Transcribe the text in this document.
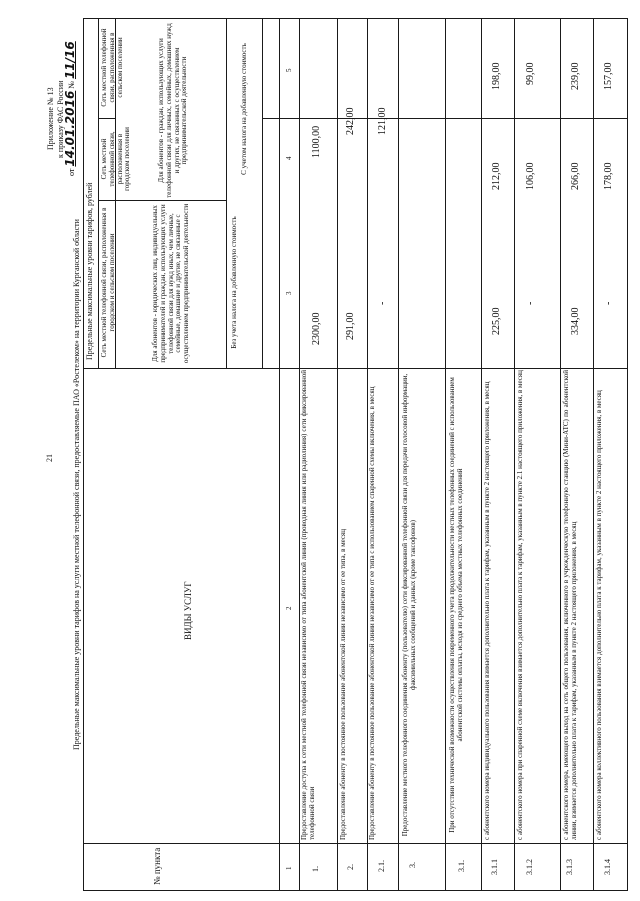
21
Приложение № 13 к приказу ФАС России
от 14.01.2016 № 11/16
Предельные максимальные уровни тарифов на услуги местной телефонной связи, предоставляемые ПАО «Ростелеком» на территории Курганской области
№ пункта
ВИДЫ УСЛУГ
Предельные максимальные уровни тарифов, рублей Сеть местной телефонной связи, расположенная в городском и сельском поселении
Сеть местной телефонной связи, расположенная в городском поселении
Сеть местной телефонной связи, расположенная в сельском поселении
Для абонентов - юридических лиц, индивидуальных предпринимателей и граждан, использующих услуги телефонной связи для нужд иных, чем личные, семейные, домашние и другие, не связанные с осуществлением предпринимательской деятельности
Для абонентов - граждан, использующих услуги телефонной связи для личных, семейных, домашних нужд и других, не связанных с осуществлением предпринимательской деятельности
Без учета налога на добавленную стоимость
С учетом налога на добавленную стоимость
1
2
3
4
5
1.
Предоставление доступа к сети местной телефонной связи независимо от типа абонентской линии (проводная линия или радиолиния) сети фиксированной телефонной связи
2300,00
1100,00
2.
Предоставление абоненту в постоянное пользование абонентской линии независимо от ее типа, в месяц
291,00
242,00
2.1.
Предоставление абоненту в постоянное пользование абонентской линии независимо от ее типа с использованием спаренной схемы включения, в месяц
-
121,00
3.
Предоставление местного телефонного соединения абоненту (пользователю) сети фиксированной телефонной связи для передачи голосовой информации, факсимильных сообщений и данных (кроме таксофонов)
3.1.
При отсутствии технической возможности осуществления повременного учета продолжительности местных телефонных соединений с использованием абонентской системы оплаты, исходя из среднего объема местных телефонных соединений
3.1.1
с абонентского номера индивидуального пользования взимается дополнительно плата к тарифам, указанным в пункте 2 настоящего приложения, в месяц
225,00
212,00
198,00
3.1.2
с абонентского номера при спаренной схеме включения взимается дополнительно плата к тарифам, указанным в пункте 2.1 настоящего приложения, в месяц
-
106,00
99,00
3.1.3
с абонентского номера, имеющего выход на сеть общего пользования, включенного в учрежденческую телефонную станцию (Мини-АТС) по абонентской линии, взимается дополнительно плата к тарифам, указанным в пункте 2 настоящего приложения, в месяц
334,00
266,00
239,00
3.1.4
с абонентского номера коллективного пользования взимается дополнительно плата к тарифам, указанным в пункте 2 настоящего приложения, в месяц
-
178,00
157,00
